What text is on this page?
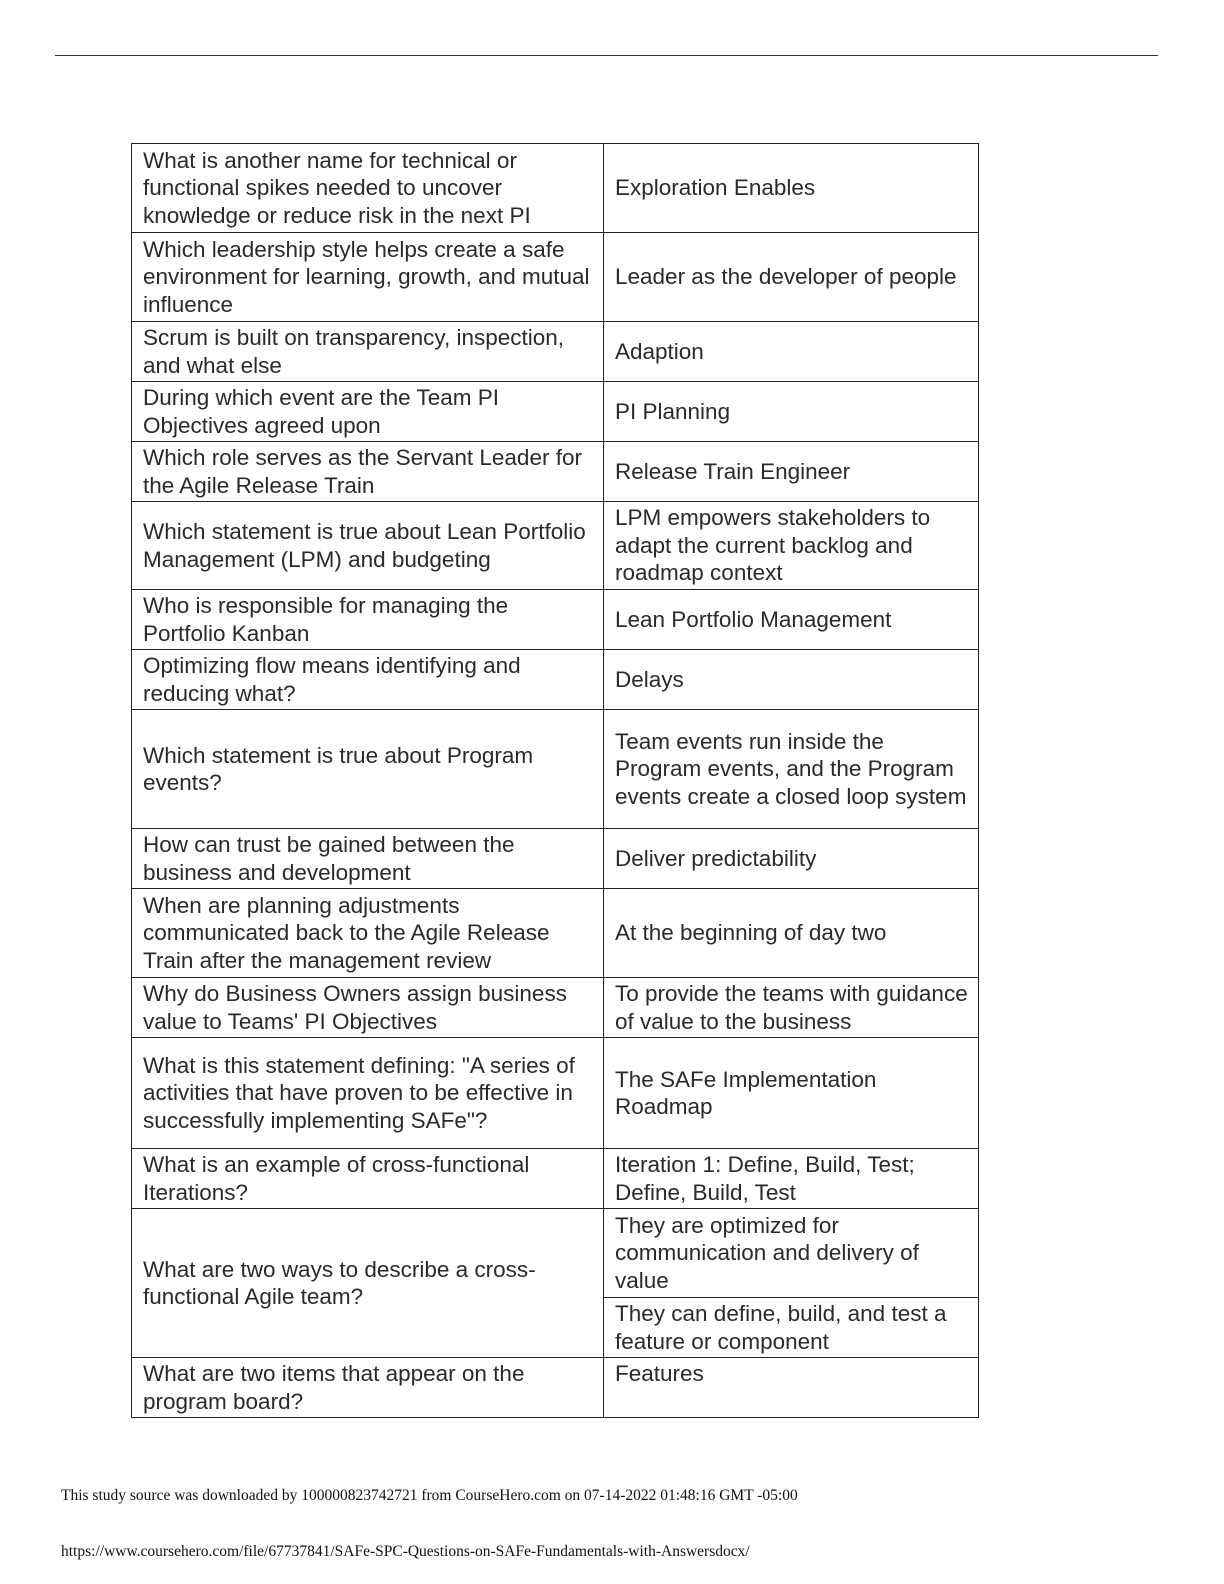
What is another name for technical or functional spikes needed to uncover knowledge or reduce risk in the next PI	Exploration Enables
Which leadership style helps create a safe environment for learning, growth, and mutual influence	Leader as the developer of people
Scrum is built on transparency, inspection, and what else	Adaption
During which event are the Team PI Objectives agreed upon	PI Planning
Which role serves as the Servant Leader for the Agile Release Train	Release Train Engineer
Which statement is true about Lean Portfolio Management (LPM) and budgeting	LPM empowers stakeholders to adapt the current backlog and roadmap context
Who is responsible for managing the Portfolio Kanban	Lean Portfolio Management
Optimizing flow means identifying and reducing what?	Delays
Which statement is true about Program events?	Team events run inside the Program events, and the Program events create a closed loop system
How can trust be gained between the business and development	Deliver predictability
When are planning adjustments communicated back to the Agile Release Train after the management review	At the beginning of day two
Why do Business Owners assign business value to Teams' PI Objectives	To provide the teams with guidance of value to the business
What is this statement defining: "A series of activities that have proven to be effective in successfully implementing SAFe"?	The SAFe Implementation Roadmap
What is an example of cross-functional Iterations?	Iteration 1: Define, Build, Test; Define, Build, Test
What are two ways to describe a cross-functional Agile team?	They are optimized for communication and delivery of value
	They can define, build, and test a feature or component
What are two items that appear on the program board?	Features
This study source was downloaded by 100000823742721 from CourseHero.com on 07-14-2022 01:48:16 GMT -05:00
https://www.coursehero.com/file/67737841/SAFe-SPC-Questions-on-SAFe-Fundamentals-with-Answersdocx/
